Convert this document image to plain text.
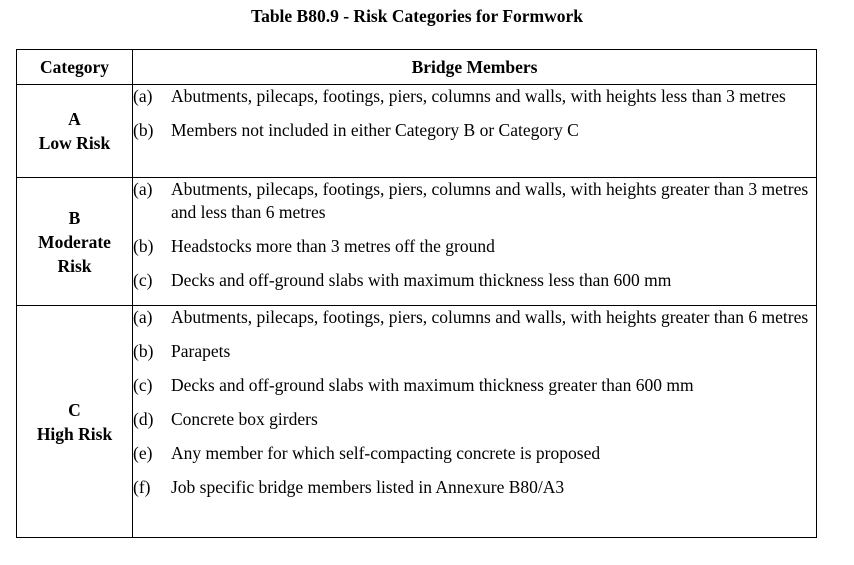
Table B80.9 - Risk Categories for Formwork
Category	Bridge Members

A
Low Risk

(a)	Abutments, pilecaps, footings, piers, columns and walls, with heights less than 3 metres
(b)	Members not included in either Category B or Category C

B
Moderate
Risk

(a)	Abutments, pilecaps, footings, piers, columns and walls, with heights greater than 3 metres and less than 6 metres
(b)	Headstocks more than 3 metres off the ground
(c)	Decks and off-ground slabs with maximum thickness less than 600 mm

C
High Risk

(a)	Abutments, pilecaps, footings, piers, columns and walls, with heights greater than 6 metres
(b)	Parapets
(c)	Decks and off-ground slabs with maximum thickness greater than 600 mm
(d)	Concrete box girders
(e)	Any member for which self-compacting concrete is proposed
(f)	Job specific bridge members listed in Annexure B80/A3
